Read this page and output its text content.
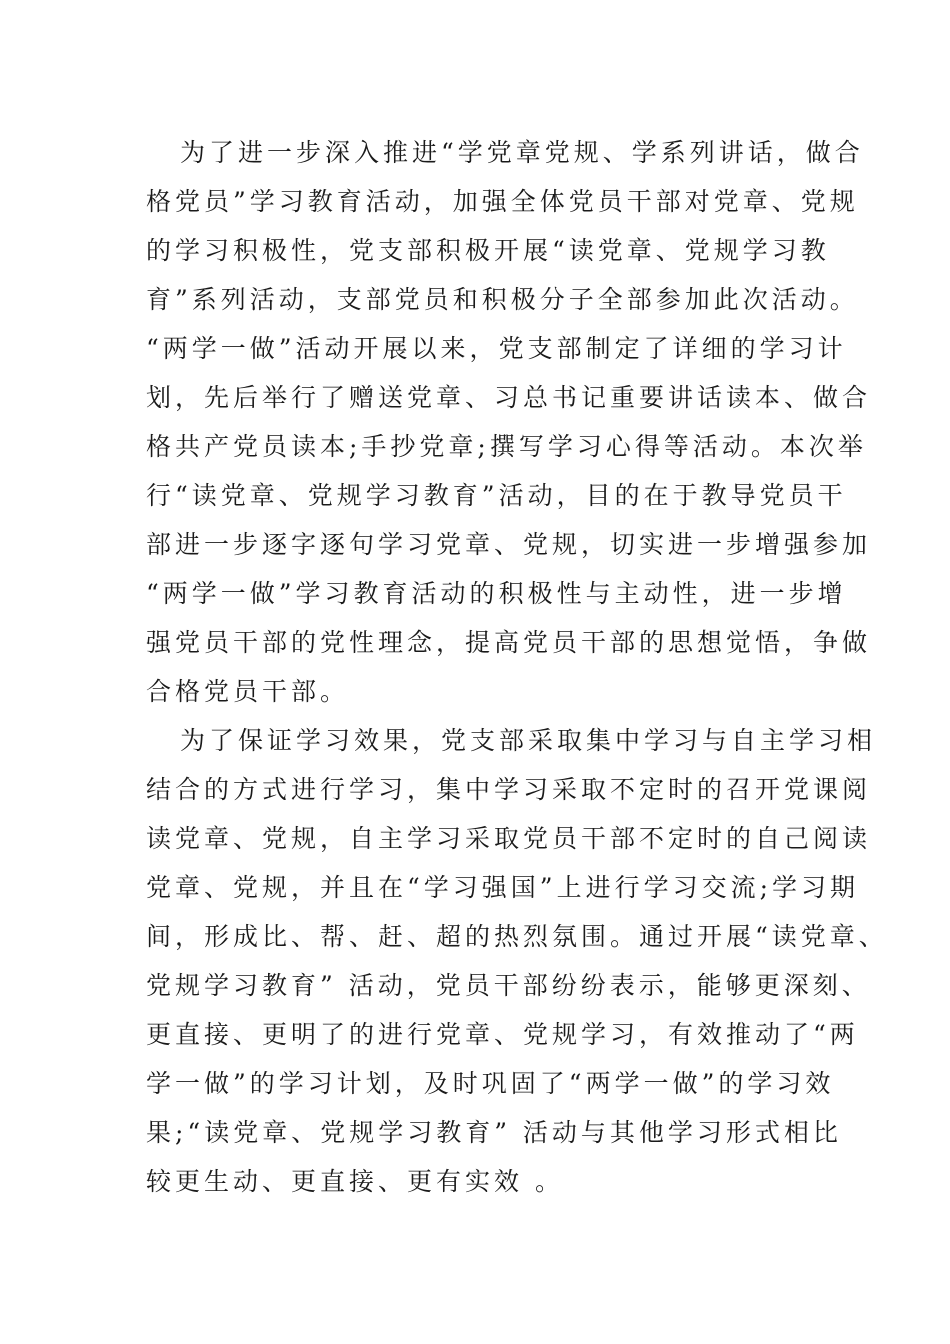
为了进一步深入推进“学党章党规、学系列讲话，做合
格党员”学习教育活动，加强全体党员干部对党章、党规
的学习积极性，党支部积极开展“读党章、党规学习教
育”系列活动，支部党员和积极分子全部参加此次活动。
“两学一做”活动开展以来，党支部制定了详细的学习计
划，先后举行了赠送党章、习总书记重要讲话读本、做合
格共产党员读本;手抄党章;撰写学习心得等活动。本次举
行“读党章、党规学习教育”活动，目的在于教导党员干
部进一步逐字逐句学习党章、党规，切实进一步增强参加
“两学一做”学习教育活动的积极性与主动性，进一步增
强党员干部的党性理念，提高党员干部的思想觉悟，争做
合格党员干部。
为了保证学习效果，党支部采取集中学习与自主学习相
结合的方式进行学习，集中学习采取不定时的召开党课阅
读党章、党规，自主学习采取党员干部不定时的自己阅读
党章、党规，并且在“学习强国”上进行学习交流;学习期
间，形成比、帮、赶、超的热烈氛围。通过开展“读党章、
党规学习教育” 活动，党员干部纷纷表示，能够更深刻、
更直接、更明了的进行党章、党规学习，有效推动了“两
学一做”的学习计划，及时巩固了“两学一做”的学习效
果;“读党章、党规学习教育” 活动与其他学习形式相比
较更生动、更直接、更有实效 。
